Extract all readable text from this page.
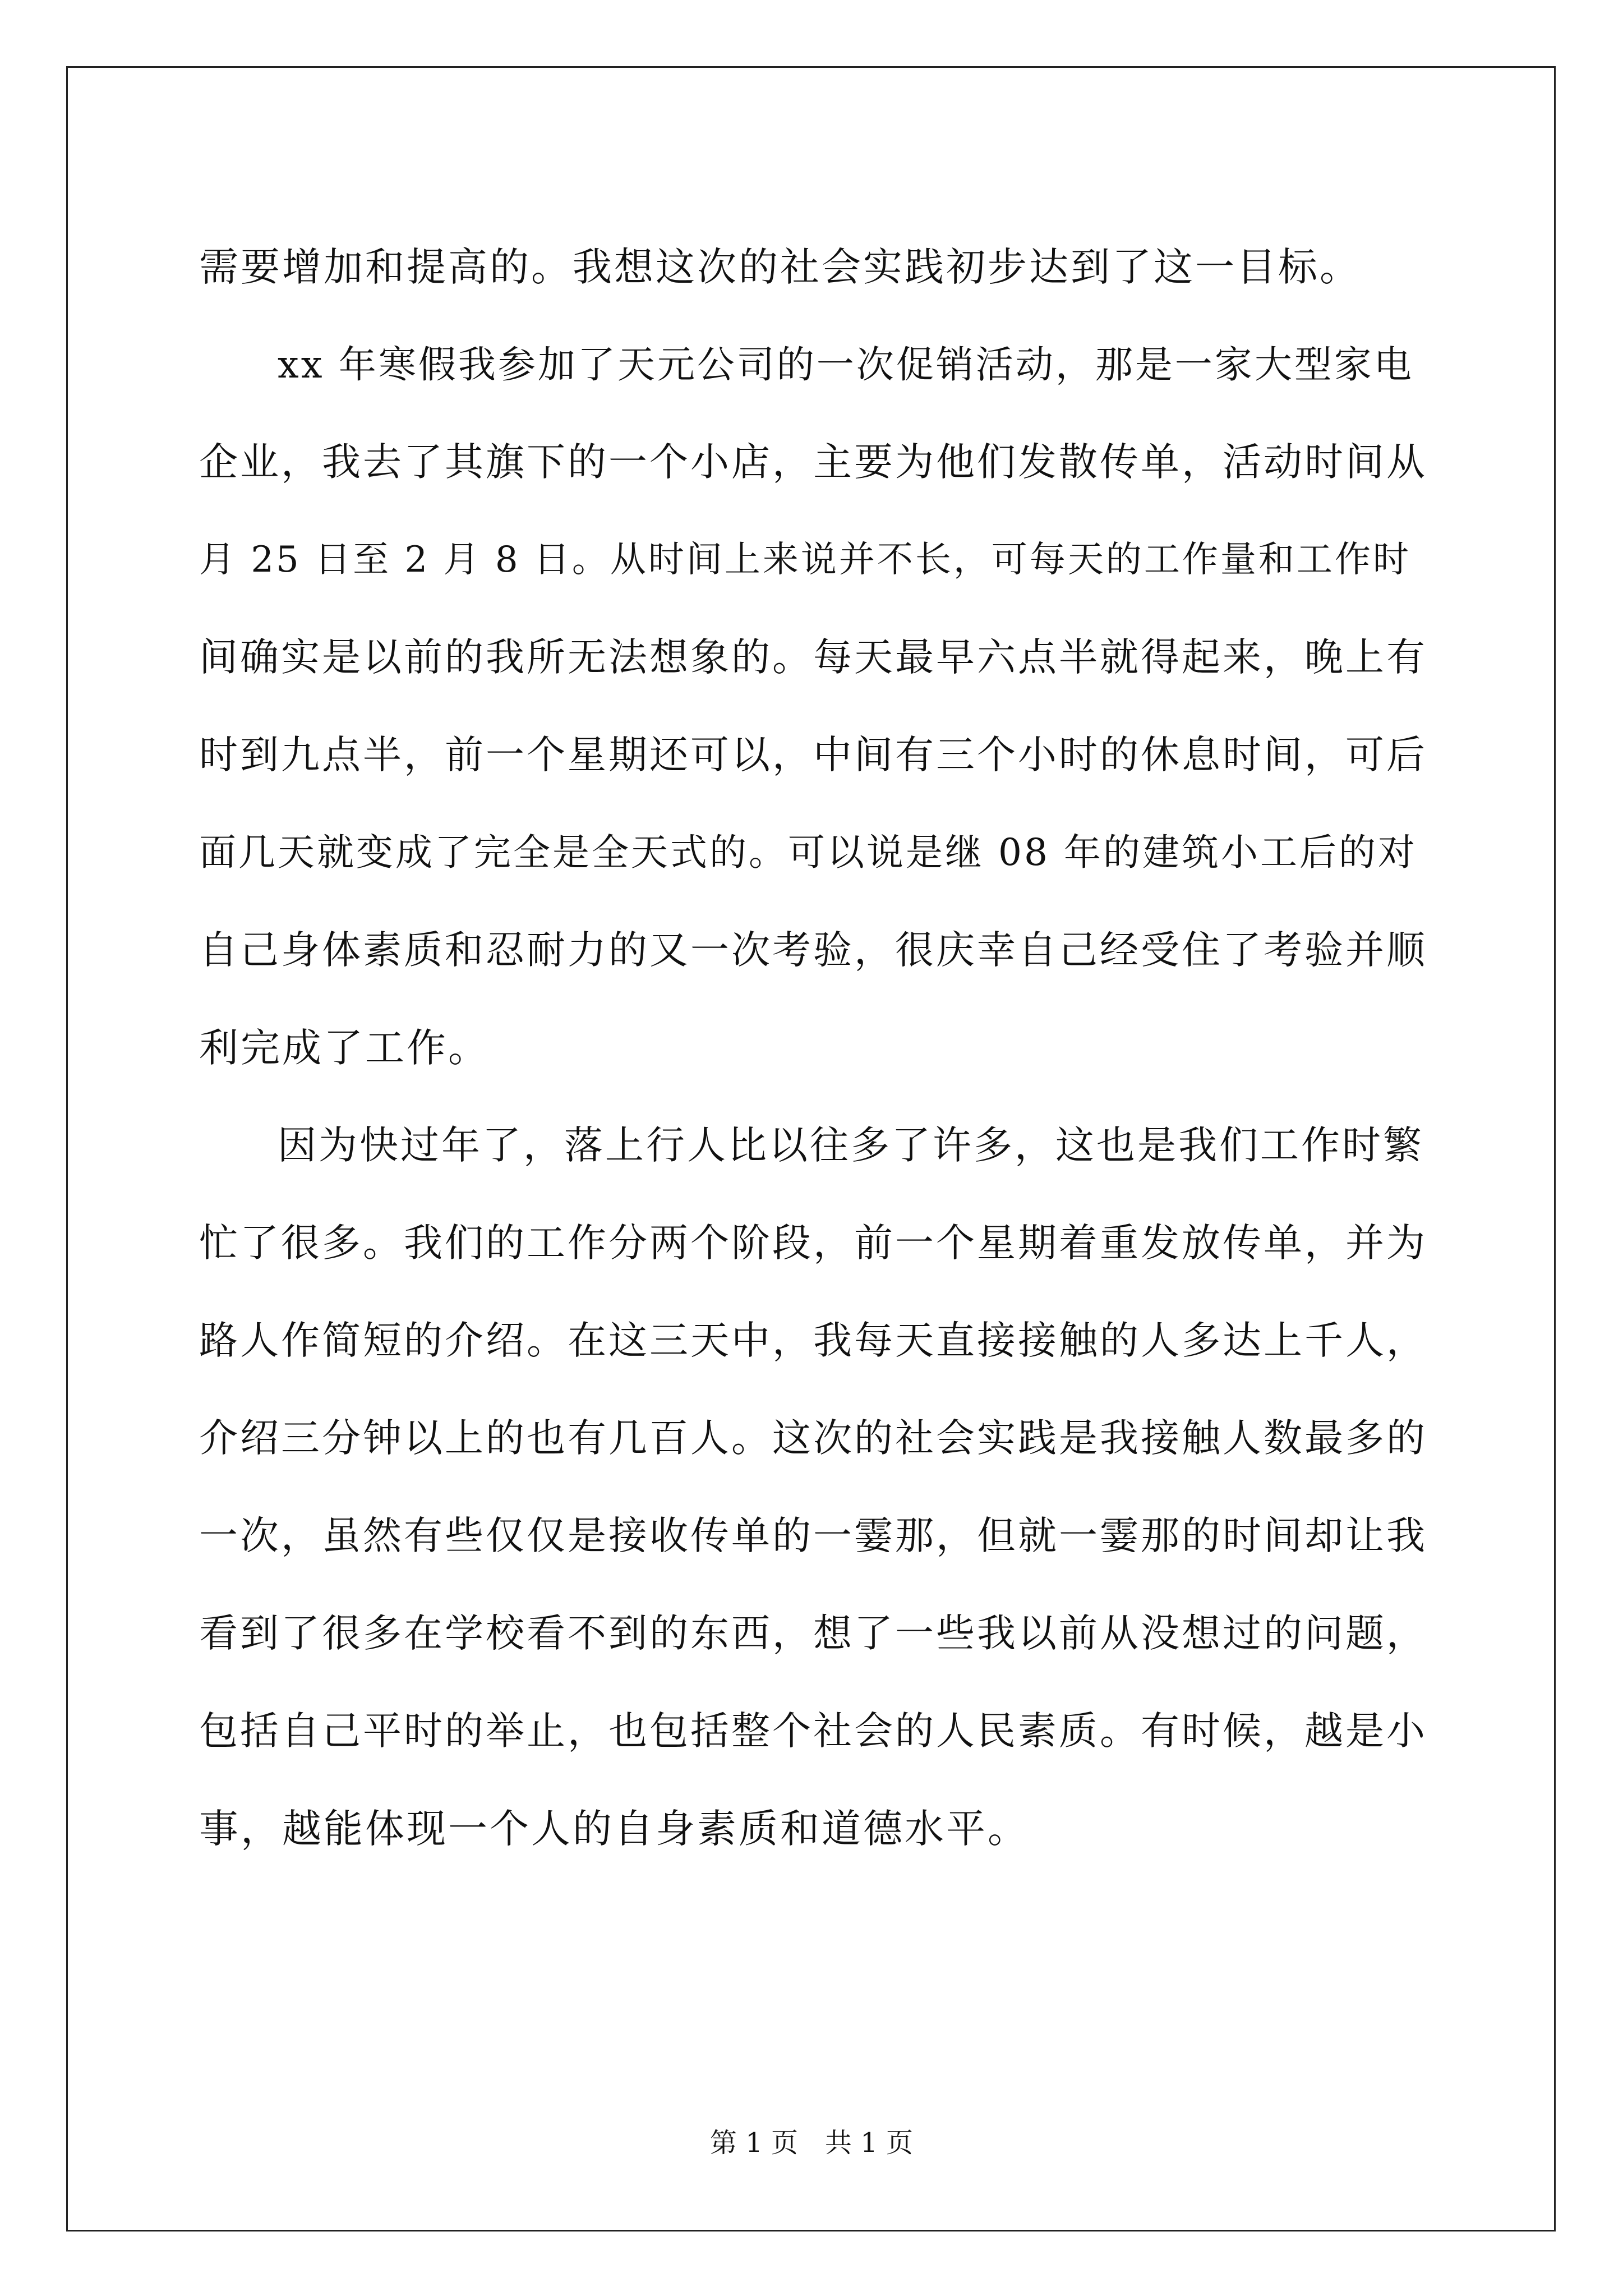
需要增加和提高的。我想这次的社会实践初步达到了这一目标。
xx 年寒假我参加了天元公司的一次促销活动，那是一家大型家电
企业，我去了其旗下的一个小店，主要为他们发散传单，活动时间从
月 25 日至 2 月 8 日。从时间上来说并不长，可每天的工作量和工作时
间确实是以前的我所无法想象的。每天最早六点半就得起来，晚上有
时到九点半，前一个星期还可以，中间有三个小时的休息时间，可后
面几天就变成了完全是全天式的。可以说是继 08 年的建筑小工后的对
自己身体素质和忍耐力的又一次考验，很庆幸自己经受住了考验并顺
利完成了工作。
因为快过年了，落上行人比以往多了许多，这也是我们工作时繁
忙了很多。我们的工作分两个阶段，前一个星期着重发放传单，并为
路人作简短的介绍。在这三天中，我每天直接接触的人多达上千人，
介绍三分钟以上的也有几百人。这次的社会实践是我接触人数最多的
一次，虽然有些仅仅是接收传单的一霎那，但就一霎那的时间却让我
看到了很多在学校看不到的东西，想了一些我以前从没想过的问题，
包括自己平时的举止，也包括整个社会的人民素质。有时候，越是小
事，越能体现一个人的自身素质和道德水平。
第 1 页　共 1 页
